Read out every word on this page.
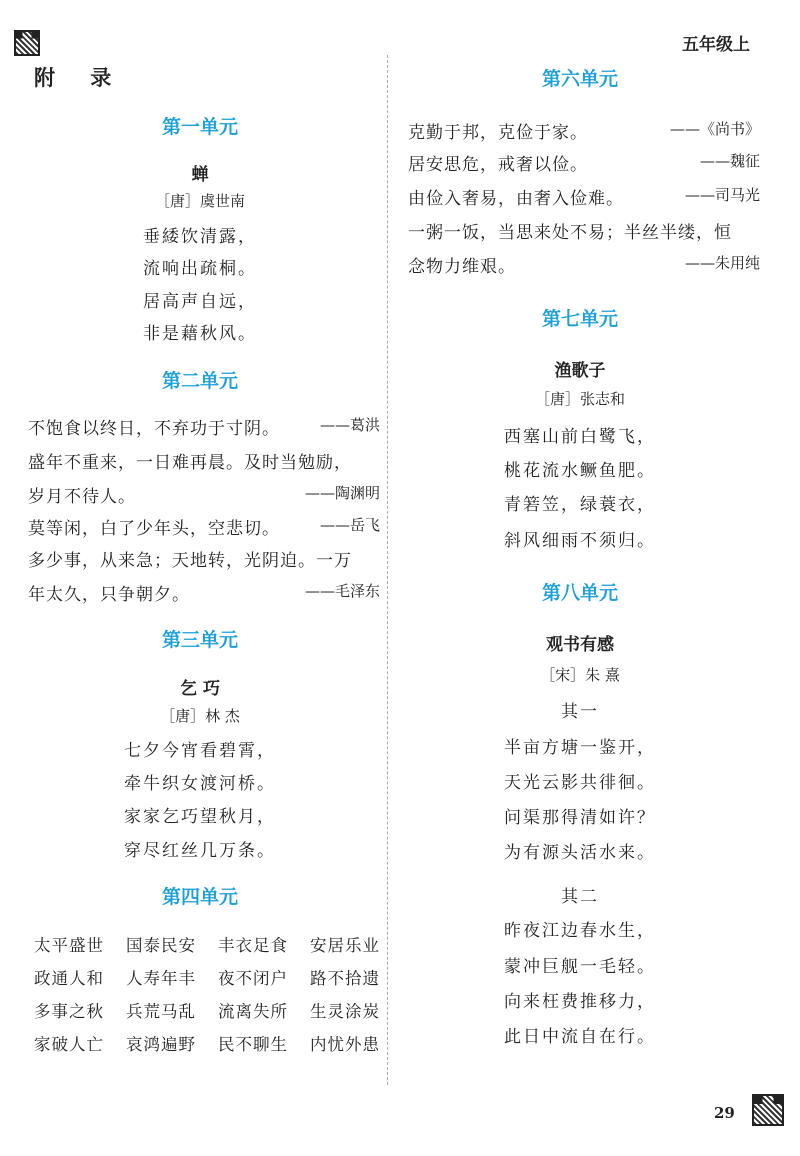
五年级上
附 录
第一单元
蝉
［唐］虞世南
垂緌饮清露，
流响出疏桐。
居高声自远，
非是藉秋风。
第二单元
不饱食以终日，不弃功于寸阴。	——葛洪
盛年不重来，一日难再晨。及时当勉励，
岁月不待人。	——陶渊明
莫等闲，白了少年头，空悲切。	——岳飞
多少事，从来急；天地转，光阴迫。一万
年太久，只争朝夕。	——毛泽东
第三单元
乞 巧
［唐］林 杰
七夕今宵看碧霄，
牵牛织女渡河桥。
家家乞巧望秋月，
穿尽红丝几万条。
第四单元
太平盛世 国泰民安 丰衣足食 安居乐业
政通人和 人寿年丰 夜不闭户 路不拾遗
多事之秋 兵荒马乱 流离失所 生灵涂炭
家破人亡 哀鸿遍野 民不聊生 内忧外患
第六单元
克勤于邦，克俭于家。	——《尚书》
居安思危，戒奢以俭。	——魏征
由俭入奢易，由奢入俭难。	——司马光
一粥一饭，当思来处不易；半丝半缕，恒
念物力维艰。	——朱用纯
第七单元
渔歌子
［唐］张志和
西塞山前白鹭飞，
桃花流水鳜鱼肥。
青箬笠，绿蓑衣，
斜风细雨不须归。
第八单元
观书有感
［宋］朱 熹
其一
半亩方塘一鉴开，
天光云影共徘徊。
问渠那得清如许？
为有源头活水来。
其二
昨夜江边春水生，
蒙冲巨舰一毛轻。
向来枉费推移力，
此日中流自在行。
29
